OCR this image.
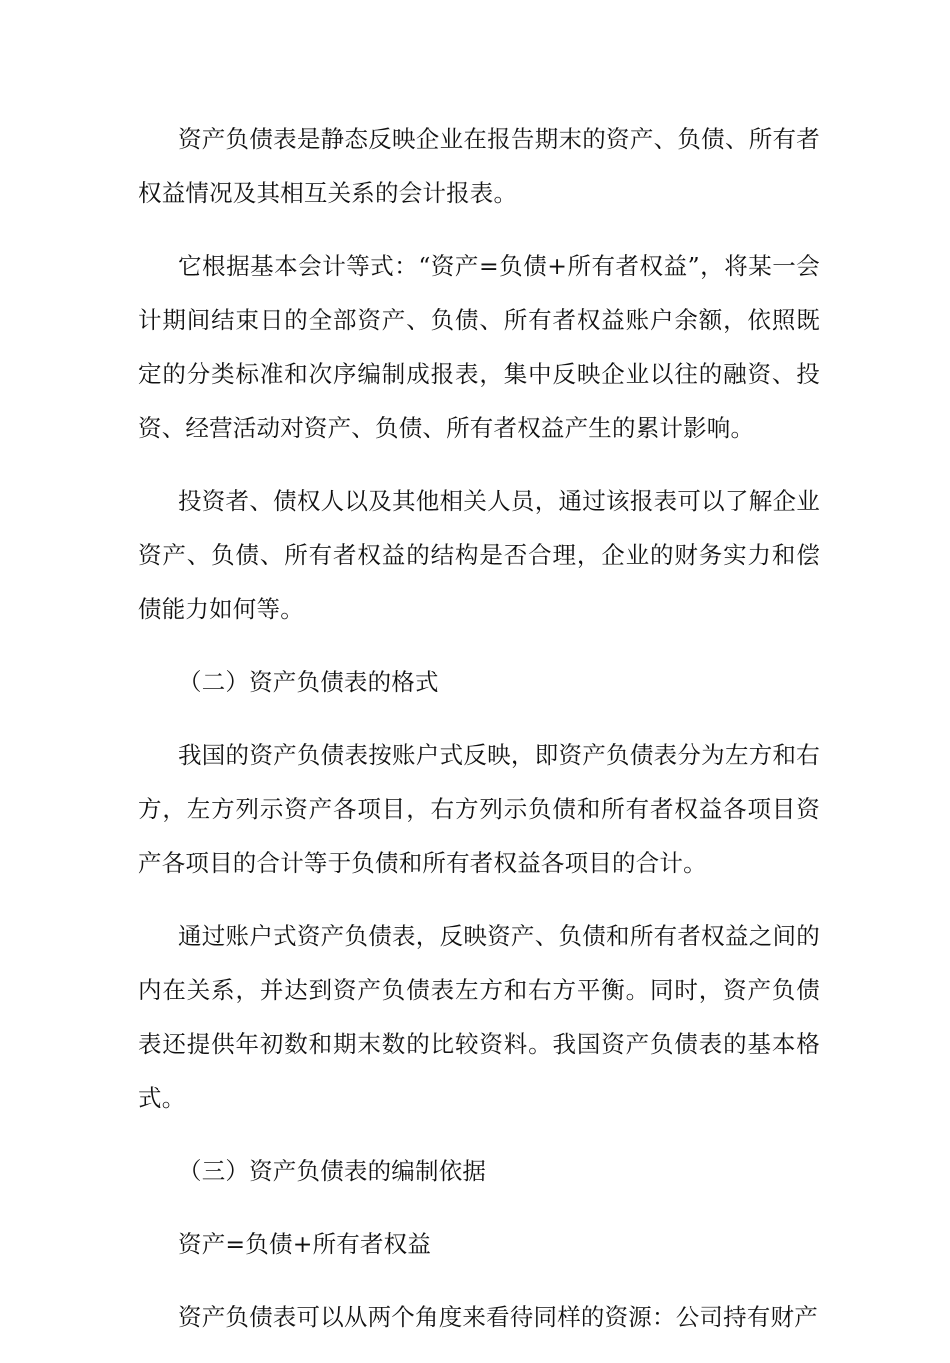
资产负债表是静态反映企业在报告期末的资产、负债、所有者权益情况及其相互关系的会计报表。

它根据基本会计等式：“资产=负债+所有者权益”，将某一会计期间结束日的全部资产、负债、所有者权益账户余额，依照既定的分类标准和次序编制成报表，集中反映企业以往的融资、投资、经营活动对资产、负债、所有者权益产生的累计影响。

投资者、债权人以及其他相关人员，通过该报表可以了解企业资产、负债、所有者权益的结构是否合理，企业的财务实力和偿债能力如何等。

（二）资产负债表的格式

我国的资产负债表按账户式反映，即资产负债表分为左方和右方，左方列示资产各项目，右方列示负债和所有者权益各项目资产各项目的合计等于负债和所有者权益各项目的合计。

通过账户式资产负债表，反映资产、负债和所有者权益之间的内在关系，并达到资产负债表左方和右方平衡。同时，资产负债表还提供年初数和期末数的比较资料。我国资产负债表的基本格式。

（三）资产负债表的编制依据

资产=负债+所有者权益

资产负债表可以从两个角度来看待同样的资源：公司持有财产
